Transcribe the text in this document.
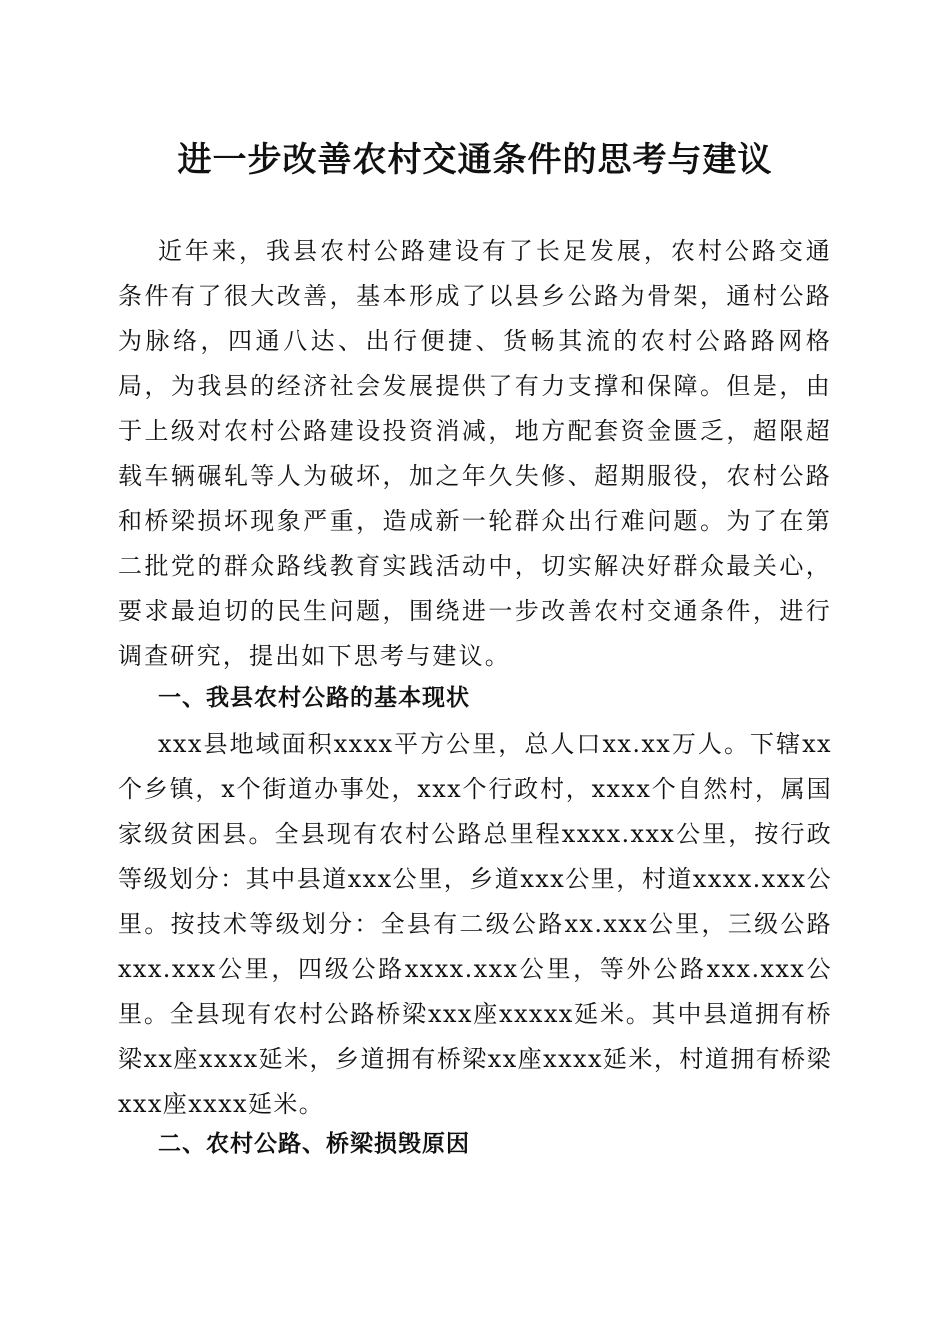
进一步改善农村交通条件的思考与建议

近年来，我县农村公路建设有了长足发展，农村公路交通条件有了很大改善，基本形成了以县乡公路为骨架，通村公路为脉络，四通八达、出行便捷、货畅其流的农村公路路网格局，为我县的经济社会发展提供了有力支撑和保障。但是，由于上级对农村公路建设投资消减，地方配套资金匮乏，超限超载车辆碾轧等人为破坏，加之年久失修、超期服役，农村公路和桥梁损坏现象严重，造成新一轮群众出行难问题。为了在第二批党的群众路线教育实践活动中，切实解决好群众最关心，要求最迫切的民生问题，围绕进一步改善农村交通条件，进行调查研究，提出如下思考与建议。

一、我县农村公路的基本现状

xxx县地域面积xxxx平方公里，总人口xx.xx万人。下辖xx个乡镇，x个街道办事处，xxx个行政村，xxxx个自然村，属国家级贫困县。全县现有农村公路总里程xxxx.xxx公里，按行政等级划分：其中县道xxx公里，乡道xxx公里，村道xxxx.xxx公里。按技术等级划分：全县有二级公路xx.xxx公里，三级公路xxx.xxx公里，四级公路xxxx.xxx公里，等外公路xxx.xxx公里。全县现有农村公路桥梁xxx座xxxxx延米。其中县道拥有桥梁xx座xxxx延米，乡道拥有桥梁xx座xxxx延米，村道拥有桥梁xxx座xxxx延米。

二、农村公路、桥梁损毁原因
